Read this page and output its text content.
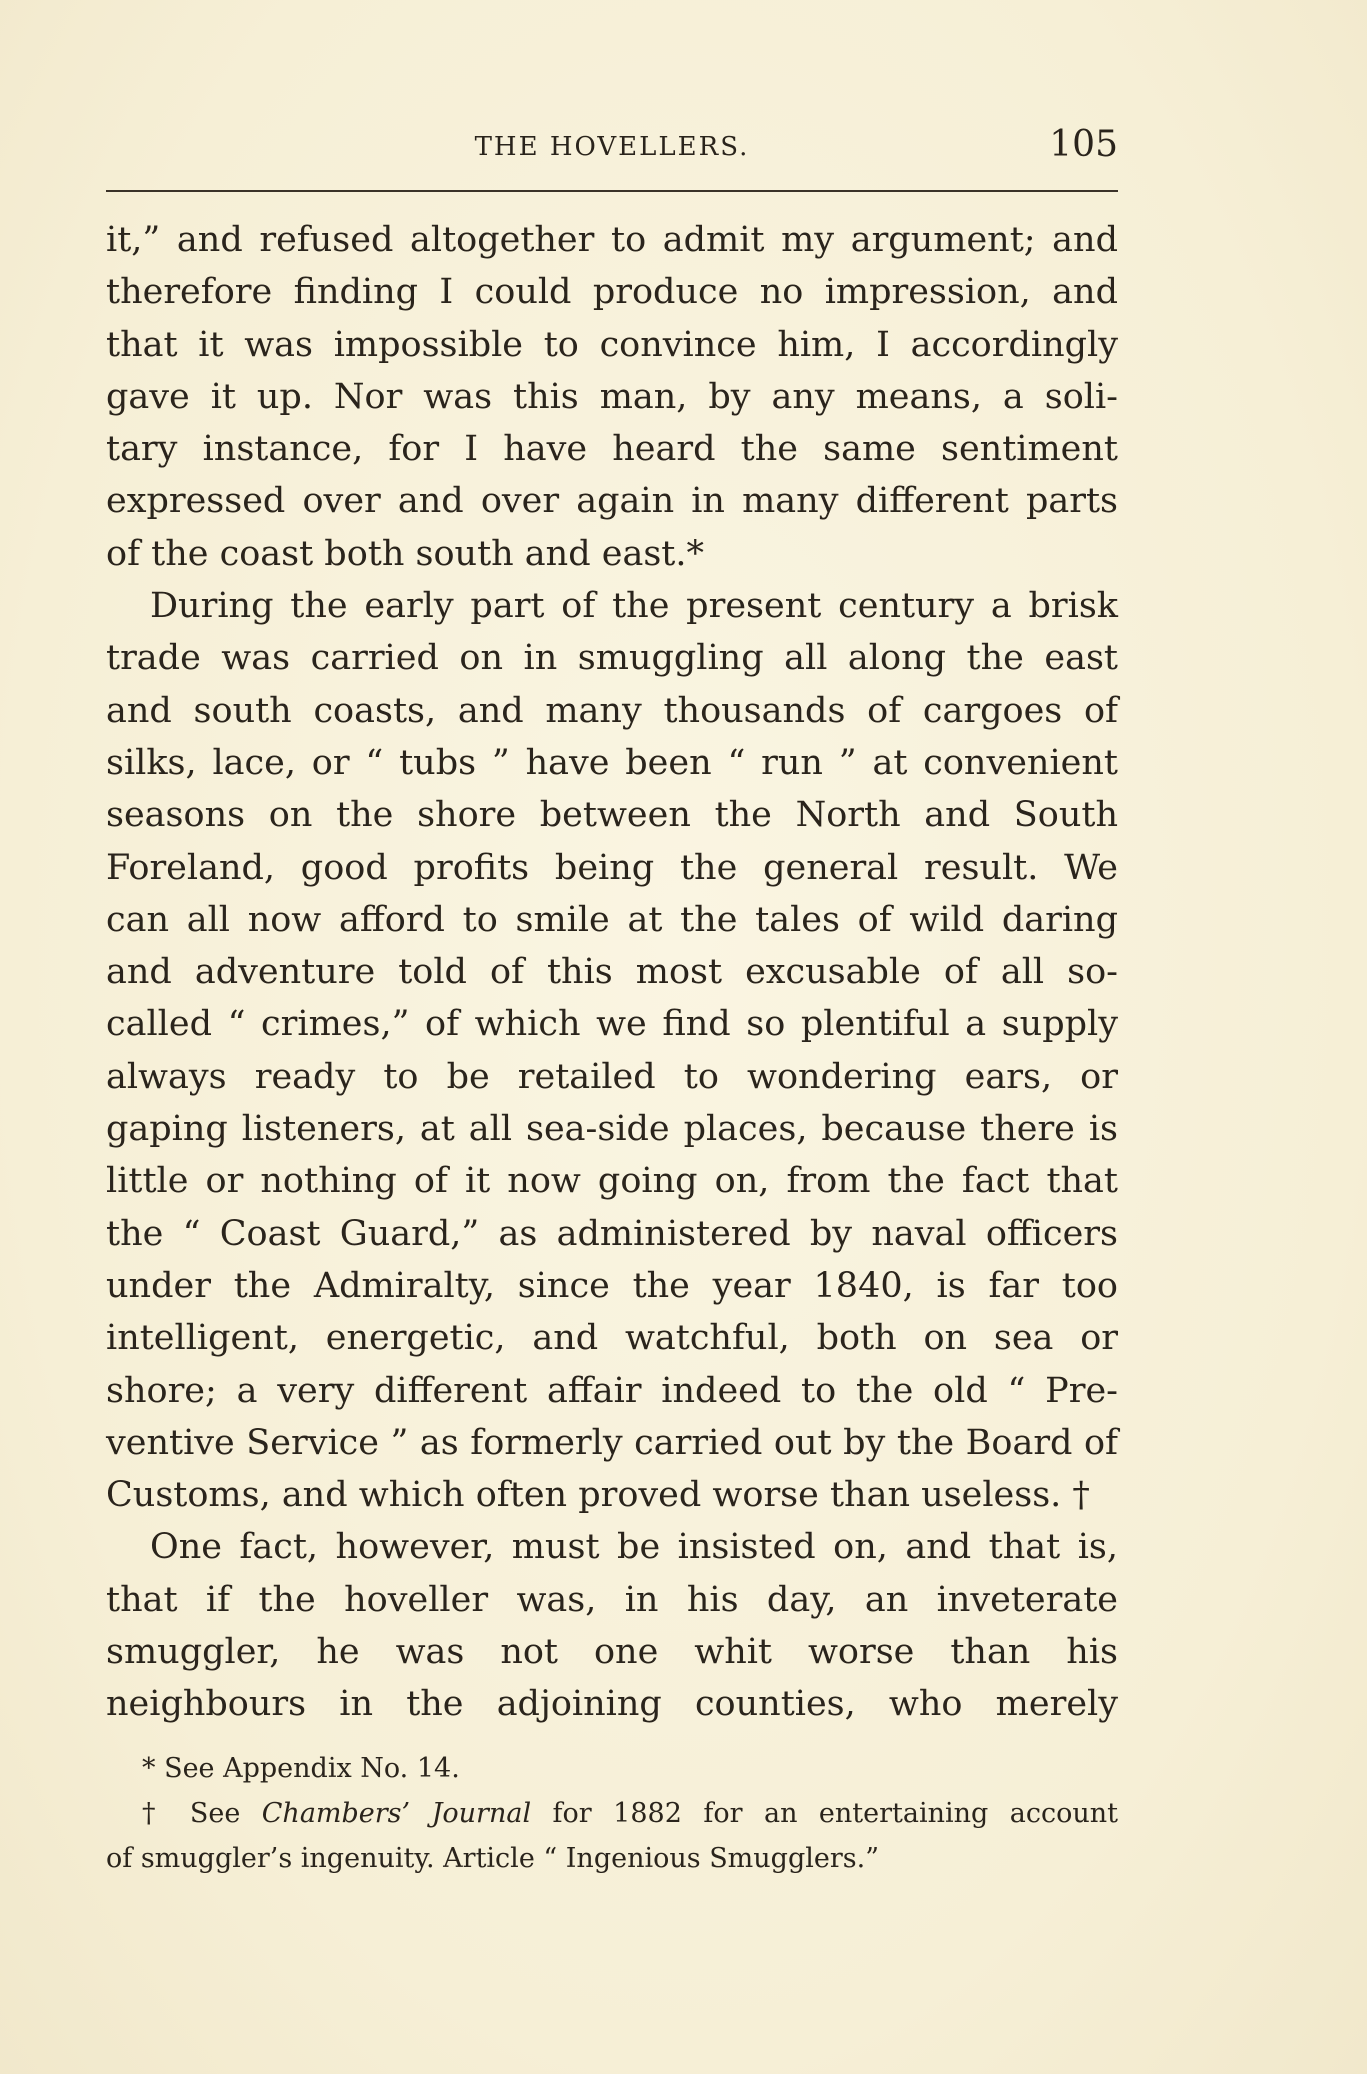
THE HOVELLERS.	105
it,” and refused altogether to admit my argument; and
therefore finding I could produce no impression, and
that it was impossible to convince him, I accordingly
gave it up. Nor was this man, by any means, a soli-
tary instance, for I have heard the same sentiment
expressed over and over again in many different parts
of the coast both south and east.*
During the early part of the present century a brisk
trade was carried on in smuggling all along the east
and south coasts, and many thousands of cargoes of
silks, lace, or “ tubs ” have been “ run ” at convenient
seasons on the shore between the North and South
Foreland, good profits being the general result. We
can all now afford to smile at the tales of wild daring
and adventure told of this most excusable of all so-
called “ crimes,” of which we find so plentiful a supply
always ready to be retailed to wondering ears, or
gaping listeners, at all sea-side places, because there is
little or nothing of it now going on, from the fact that
the “ Coast Guard,” as administered by naval officers
under the Admiralty, since the year 1840, is far too
intelligent, energetic, and watchful, both on sea or
shore; a very different affair indeed to the old “ Pre-
ventive Service ” as formerly carried out by the Board of
Customs, and which often proved worse than useless. †
One fact, however, must be insisted on, and that is,
that if the hoveller was, in his day, an inveterate
smuggler, he was not one whit worse than his
neighbours in the adjoining counties, who merely
* See Appendix No. 14.
† See Chambers’ Journal for 1882 for an entertaining account
of smuggler’s ingenuity. Article “ Ingenious Smugglers.”
